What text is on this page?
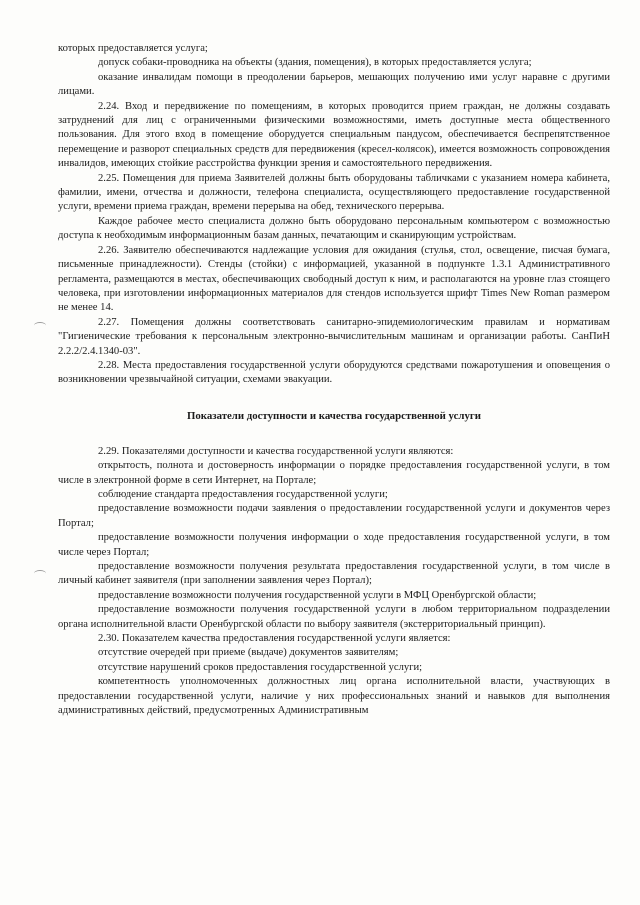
которых предоставляется услуга;

допуск собаки-проводника на объекты (здания, помещения), в которых предоставляется услуга;

оказание инвалидам помощи в преодолении барьеров, мешающих получению ими услуг наравне с другими лицами.

2.24. Вход и передвижение по помещениям, в которых проводится прием граждан, не должны создавать затруднений для лиц с ограниченными физическими возможностями, иметь доступные места общественного пользования. Для этого вход в помещение оборудуется специальным пандусом, обеспечивается беспрепятственное перемещение и разворот специальных средств для передвижения (кресел-колясок), имеется возможность сопровождения инвалидов, имеющих стойкие расстройства функции зрения и самостоятельного передвижения.

2.25. Помещения для приема Заявителей должны быть оборудованы табличками с указанием номера кабинета, фамилии, имени, отчества и должности, телефона специалиста, осуществляющего предоставление государственной услуги, времени приема граждан, времени перерыва на обед, технического перерыва.

Каждое рабочее место специалиста должно быть оборудовано персональным компьютером с возможностью доступа к необходимым информационным базам данных, печатающим и сканирующим устройствам.

2.26. Заявителю обеспечиваются надлежащие условия для ожидания (стулья, стол, освещение, писчая бумага, письменные принадлежности). Стенды (стойки) с информацией, указанной в подпункте 1.3.1 Административного регламента, размещаются в местах, обеспечивающих свободный доступ к ним, и располагаются на уровне глаз стоящего человека, при изготовлении информационных материалов для стендов используется шрифт Times New Roman размером не менее 14.

2.27. Помещения должны соответствовать санитарно-эпидемиологическим правилам и нормативам "Гигиенические требования к персональным электронно-вычислительным машинам и организации работы. СанПиН 2.2.2/2.4.1340-03".

2.28. Места предоставления государственной услуги оборудуются средствами пожаротушения и оповещения о возникновении чрезвычайной ситуации, схемами эвакуации.

Показатели доступности и качества государственной услуги

2.29. Показателями доступности и качества государственной услуги являются:

открытость, полнота и достоверность информации о порядке предоставления государственной услуги, в том числе в электронной форме в сети Интернет, на Портале;

соблюдение стандарта предоставления государственной услуги;

предоставление возможности подачи заявления о предоставлении государственной услуги и документов через Портал;

предоставление возможности получения информации о ходе предоставления государственной услуги, в том числе через Портал;

предоставление возможности получения результата предоставления государственной услуги, в том числе в личный кабинет заявителя (при заполнении заявления через Портал);

предоставление возможности получения государственной услуги в МФЦ Оренбургской области;

предоставление возможности получения государственной услуги в любом территориальном подразделении органа исполнительной власти Оренбургской области по выбору заявителя (экстерриториальный принцип).

2.30. Показателем качества предоставления государственной услуги является:

отсутствие очередей при приеме (выдаче) документов заявителям;

отсутствие нарушений сроков предоставления государственной услуги;

компетентность уполномоченных должностных лиц органа исполнительной власти, участвующих в предоставлении государственной услуги, наличие у них профессиональных знаний и навыков для выполнения административных действий, предусмотренных Административным
